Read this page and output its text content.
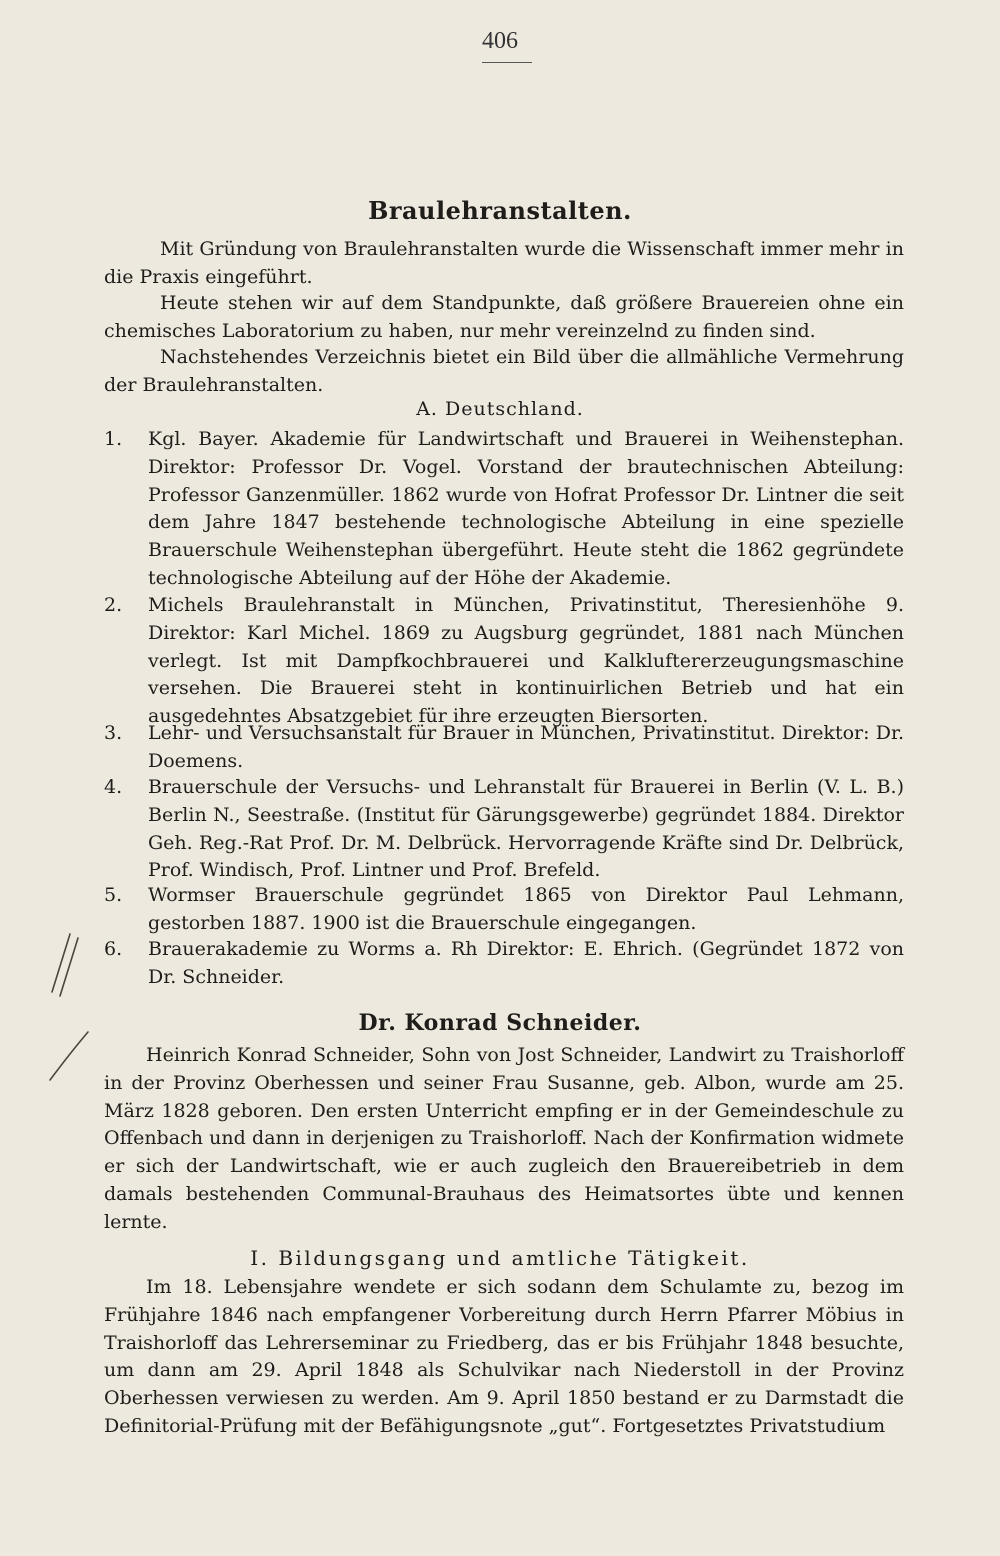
406
Braulehranstalten.
Mit Gründung von Braulehranstalten wurde die Wissenschaft immer mehr in die Praxis eingeführt.
Heute stehen wir auf dem Standpunkte, daß größere Brauereien ohne ein chemisches Laboratorium zu haben, nur mehr vereinzelnd zu finden sind.
Nachstehendes Verzeichnis bietet ein Bild über die allmähliche Vermehrung der Braulehranstalten.
A. Deutschland.
1.	Kgl. Bayer. Akademie für Landwirtschaft und Brauerei in Weihenstephan. Direktor: Professor Dr. Vogel. Vorstand der brautechnischen Abteilung: Professor Ganzenmüller. 1862 wurde von Hofrat Professor Dr. Lintner die seit dem Jahre 1847 bestehende technologische Abteilung in eine spezielle Brauerschule Weihenstephan übergeführt. Heute steht die 1862 gegründete technologische Abteilung auf der Höhe der Akademie.
2.	Michels Braulehranstalt in München, Privatinstitut, Theresienhöhe 9. Direktor: Karl Michel. 1869 zu Augsburg gegründet, 1881 nach München verlegt. Ist mit Dampfkochbrauerei und Kalkluftererzeugungsmaschine versehen. Die Brauerei steht in kontinuirlichen Betrieb und hat ein ausgedehntes Absatzgebiet für ihre erzeugten Biersorten.
3.	Lehr- und Versuchsanstalt für Brauer in München, Privatinstitut. Direktor: Dr. Doemens.
4.	Brauerschule der Versuchs- und Lehranstalt für Brauerei in Berlin (V. L. B.) Berlin N., Seestraße. (Institut für Gärungsgewerbe) gegründet 1884. Direktor Geh. Reg.-Rat Prof. Dr. M. Delbrück. Hervorragende Kräfte sind Dr. Delbrück, Prof. Windisch, Prof. Lintner und Prof. Brefeld.
5.	Wormser Brauerschule gegründet 1865 von Direktor Paul Lehmann, gestorben 1887. 1900 ist die Brauerschule eingegangen.
6.	Brauerakademie zu Worms a. Rh Direktor: E. Ehrich. (Gegründet 1872 von Dr. Schneider.
Dr. Konrad Schneider.
Heinrich Konrad Schneider, Sohn von Jost Schneider, Landwirt zu Traishorloff in der Provinz Oberhessen und seiner Frau Susanne, geb. Albon, wurde am 25. März 1828 geboren. Den ersten Unterricht empfing er in der Gemeindeschule zu Offenbach und dann in derjenigen zu Traishorloff. Nach der Konfirmation widmete er sich der Landwirtschaft, wie er auch zugleich den Brauereibetrieb in dem damals bestehenden Communal-Brauhaus des Heimatsortes übte und kennen lernte.
I. Bildungsgang und amtliche Tätigkeit.
Im 18. Lebensjahre wendete er sich sodann dem Schulamte zu, bezog im Frühjahre 1846 nach empfangener Vorbereitung durch Herrn Pfarrer Möbius in Traishorloff das Lehrerseminar zu Friedberg, das er bis Frühjahr 1848 besuchte, um dann am 29. April 1848 als Schulvikar nach Niederstoll in der Provinz Oberhessen verwiesen zu werden. Am 9. April 1850 bestand er zu Darmstadt die Definitorial-Prüfung mit der Befähigungsnote „gut“. Fortgesetztes Privatstudium
